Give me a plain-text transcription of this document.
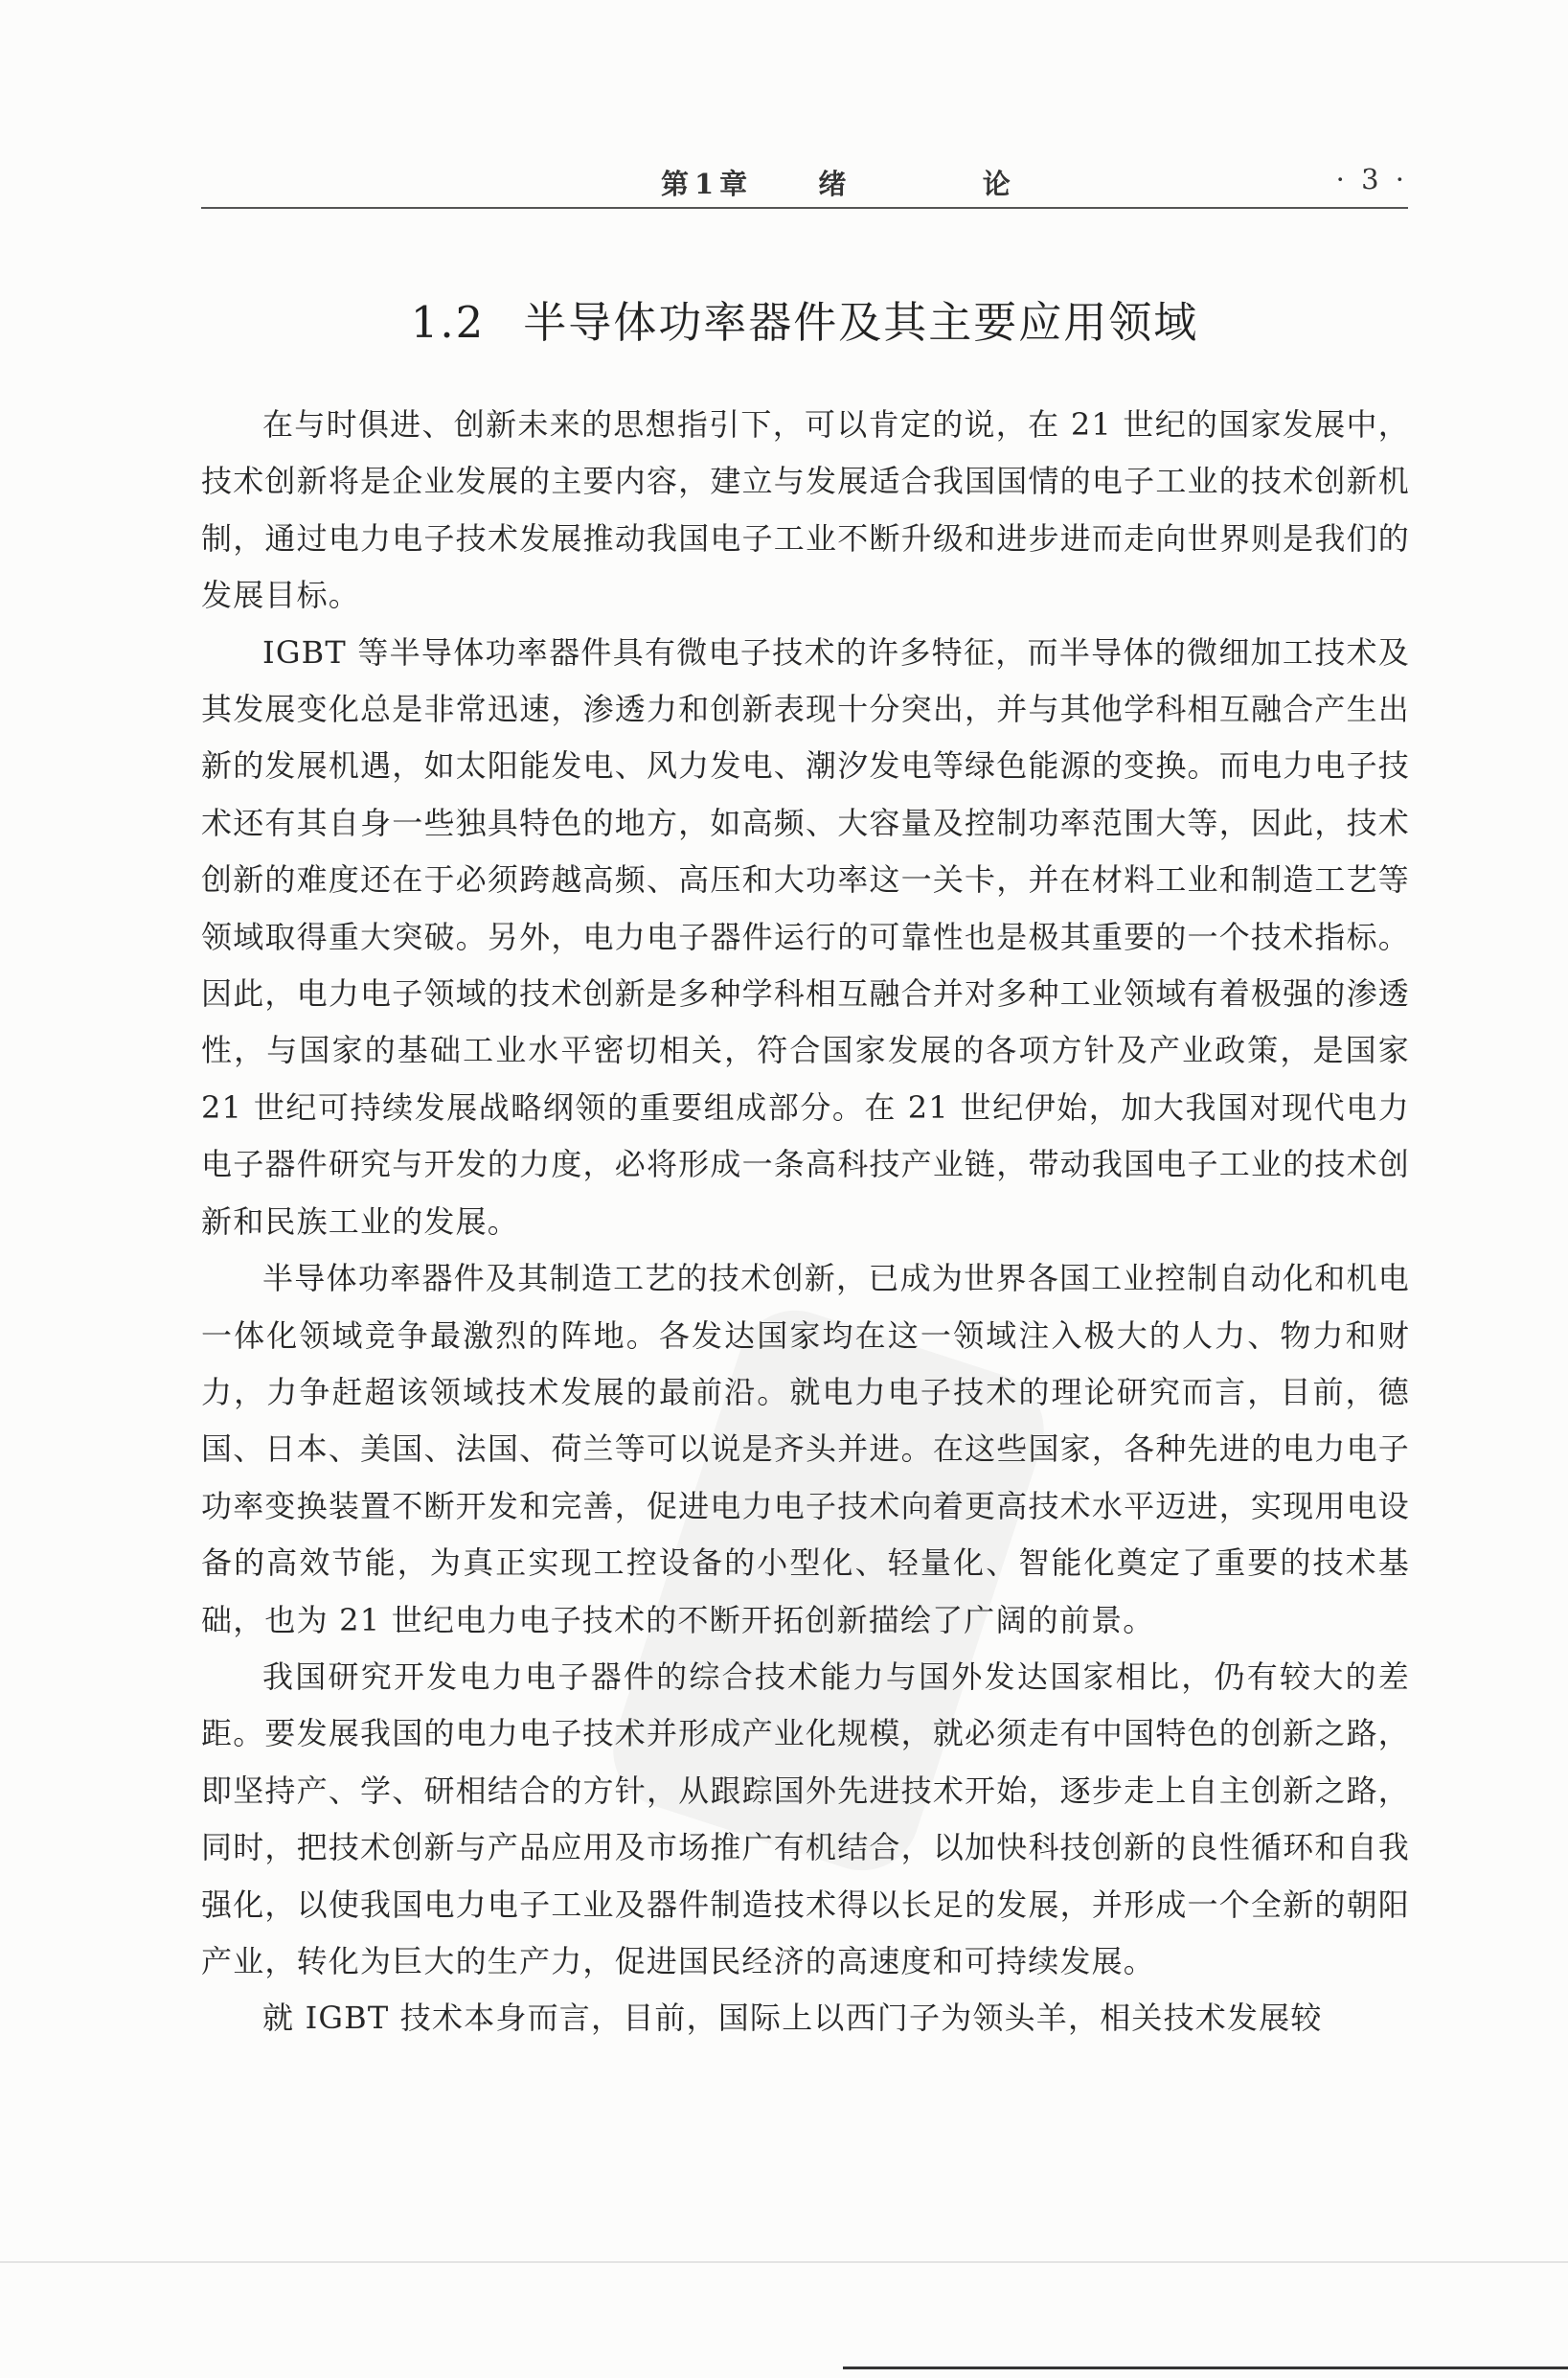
第1章  绪    论	· 3 ·
1.2 半导体功率器件及其主要应用领域

在与时俱进、创新未来的思想指引下，可以肯定的说，在 21 世纪的国家发展中，技术创新将是企业发展的主要内容，建立与发展适合我国国情的电子工业的技术创新机制，通过电力电子技术发展推动我国电子工业不断升级和进步进而走向世界则是我们的发展目标。

IGBT 等半导体功率器件具有微电子技术的许多特征，而半导体的微细加工技术及其发展变化总是非常迅速，渗透力和创新表现十分突出，并与其他学科相互融合产生出新的发展机遇，如太阳能发电、风力发电、潮汐发电等绿色能源的变换。而电力电子技术还有其自身一些独具特色的地方，如高频、大容量及控制功率范围大等，因此，技术创新的难度还在于必须跨越高频、高压和大功率这一关卡，并在材料工业和制造工艺等领域取得重大突破。另外，电力电子器件运行的可靠性也是极其重要的一个技术指标。因此，电力电子领域的技术创新是多种学科相互融合并对多种工业领域有着极强的渗透性，与国家的基础工业水平密切相关，符合国家发展的各项方针及产业政策，是国家 21 世纪可持续发展战略纲领的重要组成部分。在 21 世纪伊始，加大我国对现代电力电子器件研究与开发的力度，必将形成一条高科技产业链，带动我国电子工业的技术创新和民族工业的发展。

半导体功率器件及其制造工艺的技术创新，已成为世界各国工业控制自动化和机电一体化领域竞争最激烈的阵地。各发达国家均在这一领域注入极大的人力、物力和财力，力争赶超该领域技术发展的最前沿。就电力电子技术的理论研究而言，目前，德国、日本、美国、法国、荷兰等可以说是齐头并进。在这些国家，各种先进的电力电子功率变换装置不断开发和完善，促进电力电子技术向着更高技术水平迈进，实现用电设备的高效节能，为真正实现工控设备的小型化、轻量化、智能化奠定了重要的技术基础，也为 21 世纪电力电子技术的不断开拓创新描绘了广阔的前景。

我国研究开发电力电子器件的综合技术能力与国外发达国家相比，仍有较大的差距。要发展我国的电力电子技术并形成产业化规模，就必须走有中国特色的创新之路，即坚持产、学、研相结合的方针，从跟踪国外先进技术开始，逐步走上自主创新之路，同时，把技术创新与产品应用及市场推广有机结合，以加快科技创新的良性循环和自我强化，以使我国电力电子工业及器件制造技术得以长足的发展，并形成一个全新的朝阳产业，转化为巨大的生产力，促进国民经济的高速度和可持续发展。

就 IGBT 技术本身而言，目前，国际上以西门子为领头羊，相关技术发展较
